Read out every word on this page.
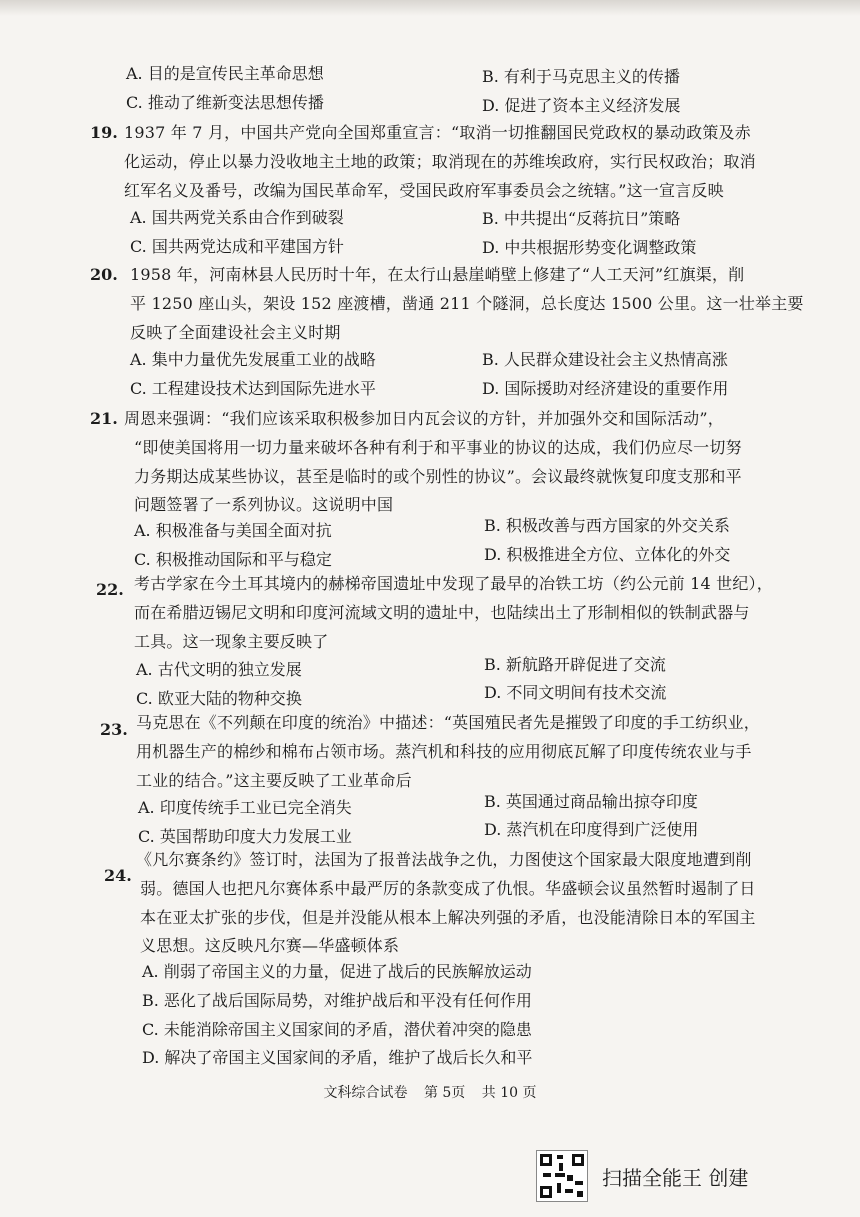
A. 目的是宣传民主革命思想	B. 有利于马克思主义的传播
C. 推动了维新变法思想传播	D. 促进了资本主义经济发展
19. 1937 年 7 月，中国共产党向全国郑重宣言：“取消一切推翻国民党政权的暴动政策及赤
化运动，停止以暴力没收地主土地的政策；取消现在的苏维埃政府，实行民权政治；取消
红军名义及番号，改编为国民革命军，受国民政府军事委员会之统辖。”这一宣言反映
A. 国共两党关系由合作到破裂	B. 中共提出“反蒋抗日”策略
C. 国共两党达成和平建国方针	D. 中共根据形势变化调整政策
20. 1958 年，河南林县人民历时十年，在太行山悬崖峭壁上修建了“人工天河”红旗渠，削
平 1250 座山头，架设 152 座渡槽，凿通 211 个隧洞，总长度达 1500 公里。这一壮举主要
反映了全面建设社会主义时期
A. 集中力量优先发展重工业的战略	B. 人民群众建设社会主义热情高涨
C. 工程建设技术达到国际先进水平	D. 国际援助对经济建设的重要作用
21. 周恩来强调：“我们应该采取积极参加日内瓦会议的方针，并加强外交和国际活动”，
“即使美国将用一切力量来破坏各种有利于和平事业的协议的达成，我们仍应尽一切努
力务期达成某些协议，甚至是临时的或个别性的协议”。会议最终就恢复印度支那和平
问题签署了一系列协议。这说明中国
A. 积极准备与美国全面对抗	B. 积极改善与西方国家的外交关系
C. 积极推动国际和平与稳定	D. 积极推进全方位、立体化的外交
22. 考古学家在今土耳其境内的赫梯帝国遗址中发现了最早的冶铁工坊（约公元前 14 世纪），
而在希腊迈锡尼文明和印度河流域文明的遗址中，也陆续出土了形制相似的铁制武器与
工具。这一现象主要反映了
A. 古代文明的独立发展	B. 新航路开辟促进了交流
C. 欧亚大陆的物种交换	D. 不同文明间有技术交流
23. 马克思在《不列颠在印度的统治》中描述：“英国殖民者先是摧毁了印度的手工纺织业，
用机器生产的棉纱和棉布占领市场。蒸汽机和科技的应用彻底瓦解了印度传统农业与手
工业的结合。”这主要反映了工业革命后
A. 印度传统手工业已完全消失	B. 英国通过商品输出掠夺印度
C. 英国帮助印度大力发展工业	D. 蒸汽机在印度得到广泛使用
24.
《凡尔赛条约》签订时，法国为了报普法战争之仇，力图使这个国家最大限度地遭到削
弱。德国人也把凡尔赛体系中最严厉的条款变成了仇恨。华盛顿会议虽然暂时遏制了日
本在亚太扩张的步伐，但是并没能从根本上解决列强的矛盾，也没能清除日本的军国主
义思想。这反映凡尔赛—华盛顿体系
A. 削弱了帝国主义的力量，促进了战后的民族解放运动
B. 恶化了战后国际局势，对维护战后和平没有任何作用
C. 未能消除帝国主义国家间的矛盾，潜伏着冲突的隐患
D. 解决了帝国主义国家间的矛盾，维护了战后长久和平
文科综合试卷 第 5页 共 10 页
扫描全能王 创建
